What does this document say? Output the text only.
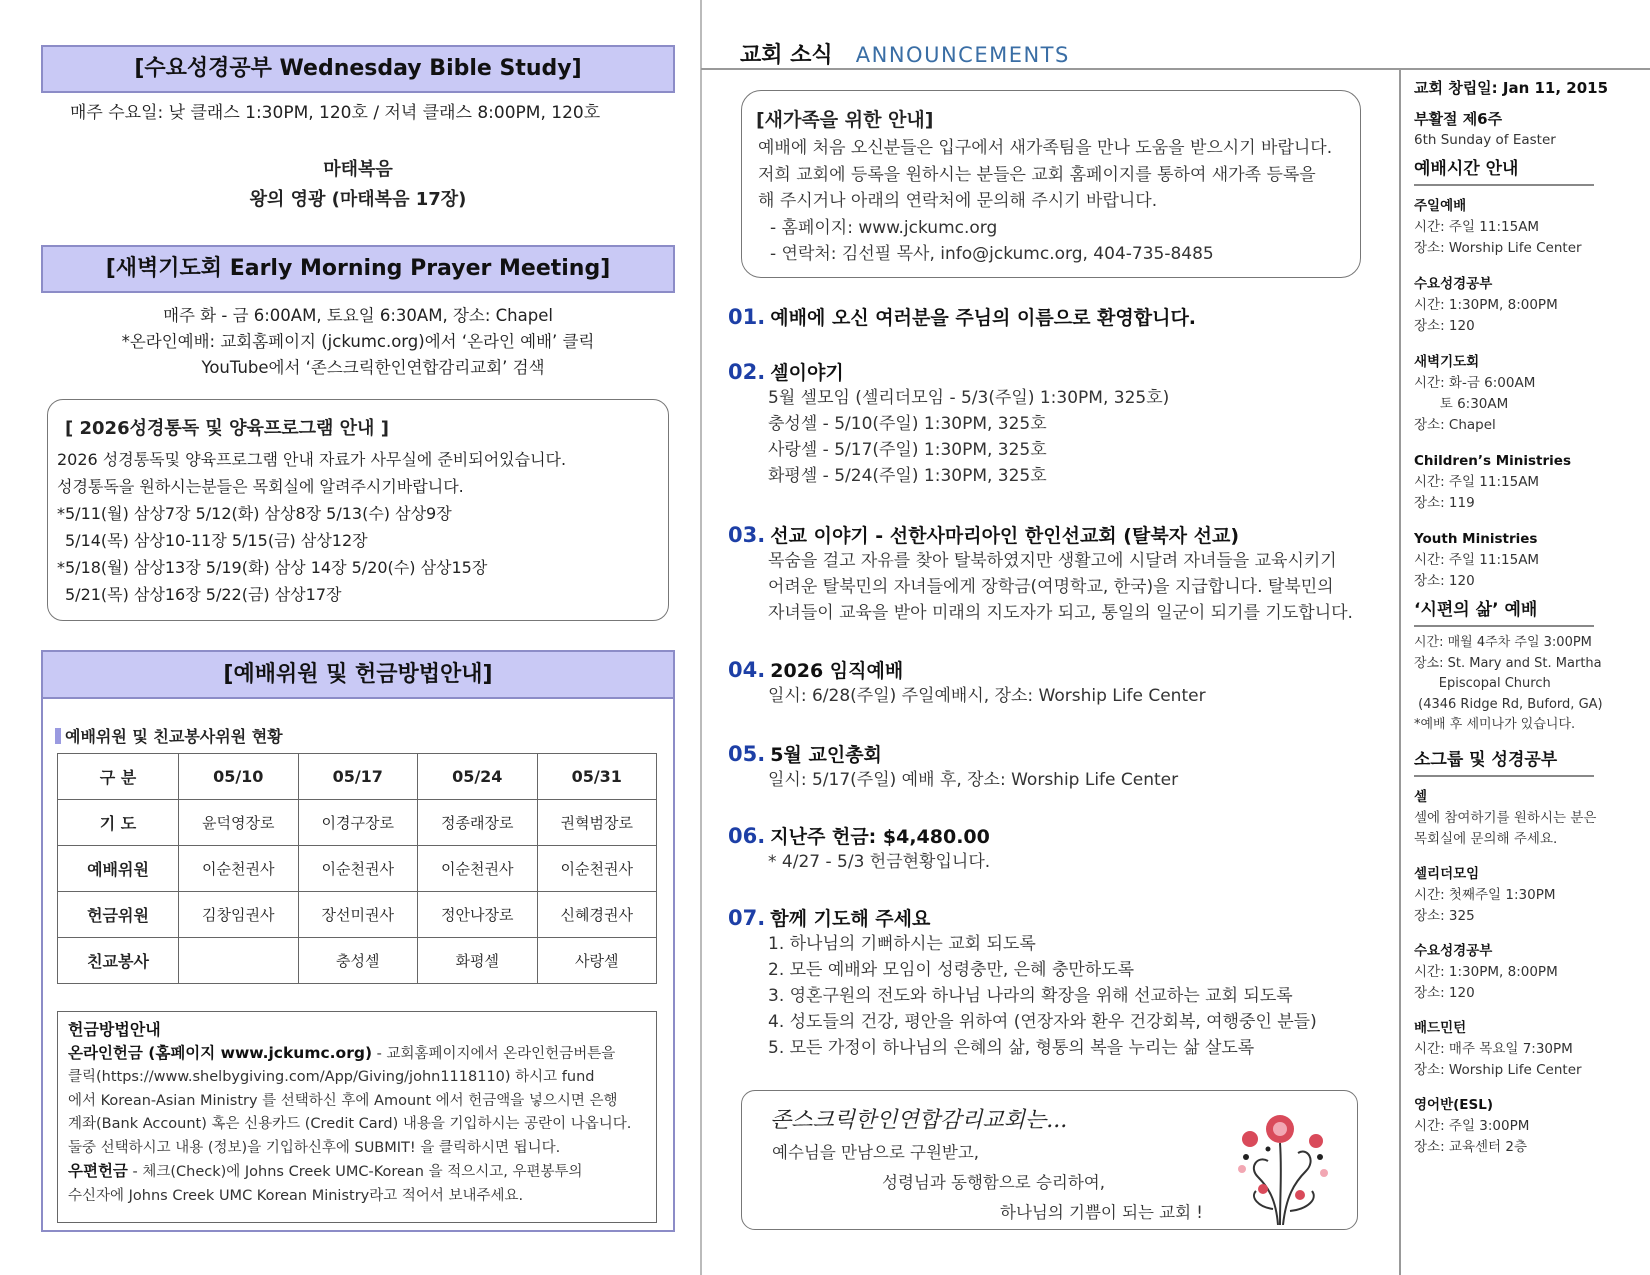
[수요성경공부 Wednesday Bible Study]
매주 수요일: 낮 클래스 1:30PM, 120호 / 저녁 클래스 8:00PM, 120호
마태복음
왕의 영광 (마태복음 17장)
[새벽기도회 Early Morning Prayer Meeting]
매주 화 - 금 6:00AM, 토요일 6:30AM, 장소: Chapel
*온라인예배: 교회홈페이지 (jckumc.org)에서 ‘온라인 예배’ 클릭
YouTube에서 ‘존스크릭한인연합감리교회’ 검색
[ 2026성경통독 및 양육프로그램 안내 ]
2026 성경통독및 양육프로그램 안내 자료가 사무실에 준비되어있습니다.
성경통독을 원하시는분들은 목회실에 알려주시기바랍니다.
*5/11(월) 삼상7장 5/12(화) 삼상8장 5/13(수) 삼상9장
5/14(목) 삼상10-11장 5/15(금) 삼상12장
*5/18(월) 삼상13장 5/19(화) 삼상 14장 5/20(수) 삼상15장
5/21(목) 삼상16장 5/22(금) 삼상17장
[예배위원 및 헌금방법안내]
예배위원 및 친교봉사위원 현황
구 분	05/10	05/17	05/24	05/31
기 도	윤덕영장로	이경구장로	정종래장로	권혁범장로
예배위원	이순천권사	이순천권사	이순천권사	이순천권사
헌금위원	김창임권사	장선미권사	정안나장로	신혜경권사
친교봉사		충성셀	화평셀	사랑셀
헌금방법안내
온라인헌금 (홈페이지 www.jckumc.org) - 교회홈페이지에서 온라인헌금버튼을
클릭(https://www.shelbygiving.com/App/Giving/john1118110) 하시고 fund
에서 Korean-Asian Ministry 를 선택하신 후에 Amount 에서 헌금액을 넣으시면 은행
계좌(Bank Account) 혹은 신용카드 (Credit Card) 내용을 기입하시는 공란이 나옵니다.
둘중 선택하시고 내용 (정보)을 기입하신후에 SUBMIT! 을 클릭하시면 됩니다.
우편헌금 - 체크(Check)에 Johns Creek UMC-Korean 을 적으시고, 우편봉투의
수신자에 Johns Creek UMC Korean Ministry라고 적어서 보내주세요.
교회 소식 ANNOUNCEMENTS
[새가족을 위한 안내]
예배에 처음 오신분들은 입구에서 새가족팀을 만나 도움을 받으시기 바랍니다.
저희 교회에 등록을 원하시는 분들은 교회 홈페이지를 통하여 새가족 등록을
해 주시거나 아래의 연락처에 문의해 주시기 바랍니다.
- 홈페이지: www.jckumc.org
- 연락처: 김선필 목사, info@jckumc.org, 404-735-8485
01. 예배에 오신 여러분을 주님의 이름으로 환영합니다.
02. 셀이야기
5월 셀모임 (셀리더모임 - 5/3(주일) 1:30PM, 325호)
충성셀 - 5/10(주일) 1:30PM, 325호
사랑셀 - 5/17(주일) 1:30PM, 325호
화평셀 - 5/24(주일) 1:30PM, 325호
03. 선교 이야기 - 선한사마리아인 한인선교회 (탈북자 선교)
목숨을 걸고 자유를 찾아 탈북하였지만 생활고에 시달려 자녀들을 교육시키기
어려운 탈북민의 자녀들에게 장학금(여명학교, 한국)을 지급합니다. 탈북민의
자녀들이 교육을 받아 미래의 지도자가 되고, 통일의 일군이 되기를 기도합니다.
04. 2026 임직예배
일시: 6/28(주일) 주일예배시, 장소: Worship Life Center
05. 5월 교인총회
일시: 5/17(주일) 예배 후, 장소: Worship Life Center
06. 지난주 헌금: $4,480.00
* 4/27 - 5/3 헌금현황입니다.
07. 함께 기도해 주세요
1. 하나님의 기뻐하시는 교회 되도록
2. 모든 예배와 모임이 성령충만, 은혜 충만하도록
3. 영혼구원의 전도와 하나님 나라의 확장을 위해 선교하는 교회 되도록
4. 성도들의 건강, 평안을 위하여 (연장자와 환우 건강회복, 여행중인 분들)
5. 모든 가정이 하나님의 은혜의 삶, 형통의 복을 누리는 삶 살도록
존스크릭한인연합감리교회는...
예수님을 만남으로 구원받고,
성령님과 동행함으로 승리하여,
하나님의 기쁨이 되는 교회 !
교회 창립일: Jan 11, 2015
부활절 제6주
6th Sunday of Easter
예배시간 안내
주일예배
시간: 주일 11:15AM
장소: Worship Life Center
수요성경공부
시간: 1:30PM, 8:00PM
장소: 120
새벽기도회
시간: 화-금 6:00AM
토 6:30AM
장소: Chapel
Children’s Ministries
시간: 주일 11:15AM
장소: 119
Youth Ministries
시간: 주일 11:15AM
장소: 120
‘시편의 삶’ 예배
시간: 매월 4주차 주일 3:00PM
장소: St. Mary and St. Martha
Episcopal Church
(4346 Ridge Rd, Buford, GA)
*예배 후 세미나가 있습니다.
소그룹 및 성경공부
셀
셀에 참여하기를 원하시는 분은
목회실에 문의해 주세요.
셀리더모임
시간: 첫째주일 1:30PM
장소: 325
수요성경공부
시간: 1:30PM, 8:00PM
장소: 120
배드민턴
시간: 매주 목요일 7:30PM
장소: Worship Life Center
영어반(ESL)
시간: 주일 3:00PM
장소: 교육센터 2층
